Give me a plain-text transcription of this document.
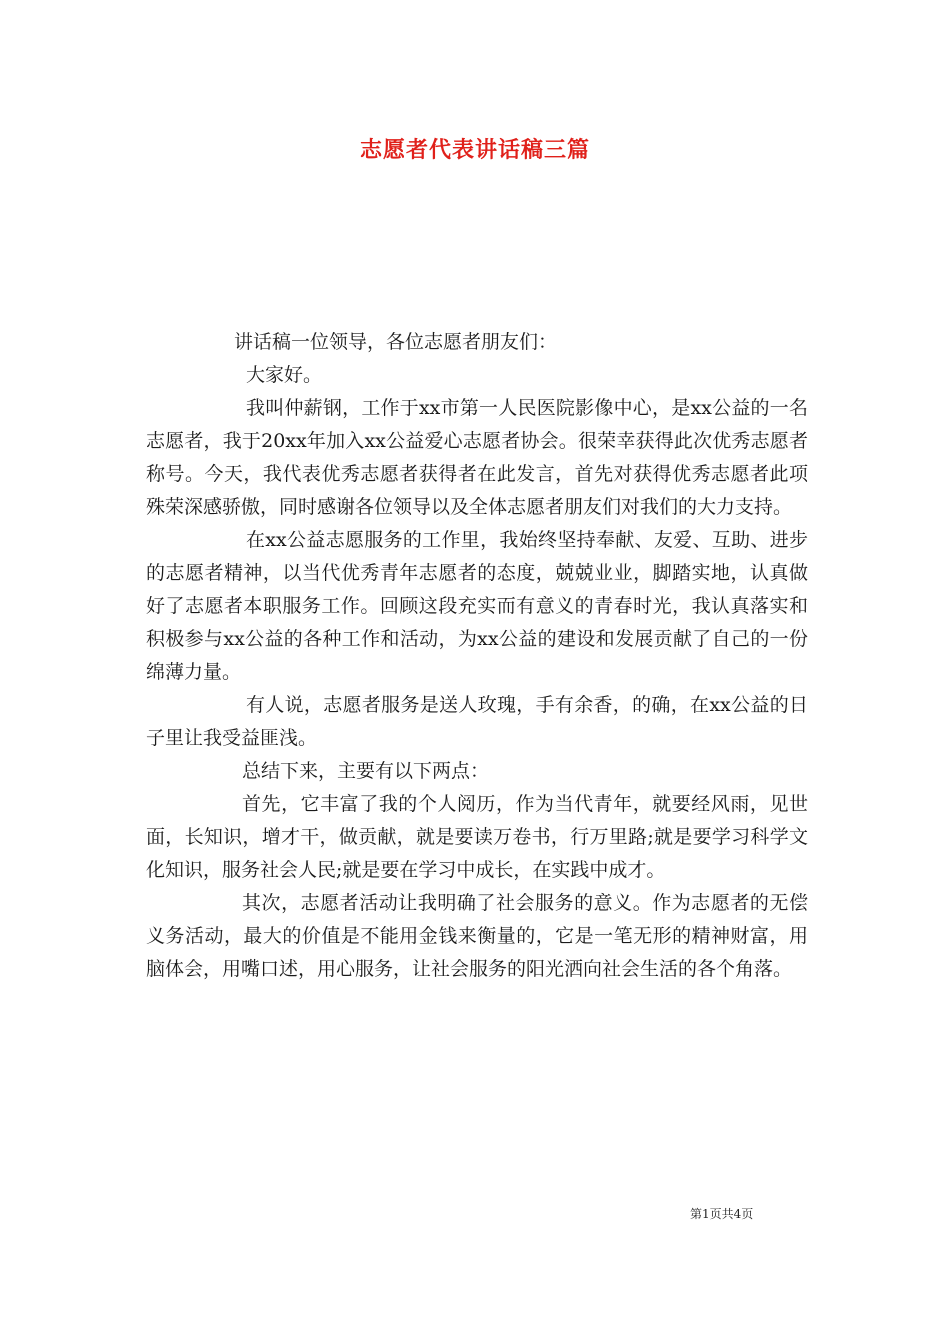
志愿者代表讲话稿三篇

讲话稿一位领导，各位志愿者朋友们：

大家好。

我叫仲薪钢，工作于xx市第一人民医院影像中心，是xx公益的一名志愿者，我于20xx年加入xx公益爱心志愿者协会。很荣幸获得此次优秀志愿者称号。今天，我代表优秀志愿者获得者在此发言，首先对获得优秀志愿者此项殊荣深感骄傲，同时感谢各位领导以及全体志愿者朋友们对我们的大力支持。

在xx公益志愿服务的工作里，我始终坚持奉献、友爱、互助、进步的志愿者精神，以当代优秀青年志愿者的态度，兢兢业业，脚踏实地，认真做好了志愿者本职服务工作。回顾这段充实而有意义的青春时光，我认真落实和积极参与xx公益的各种工作和活动，为xx公益的建设和发展贡献了自己的一份绵薄力量。

有人说，志愿者服务是送人玫瑰，手有余香，的确，在xx公益的日子里让我受益匪浅。

总结下来，主要有以下两点：

首先，它丰富了我的个人阅历，作为当代青年，就要经风雨，见世面，长知识，增才干，做贡献，就是要读万卷书，行万里路;就是要学习科学文化知识，服务社会人民;就是要在学习中成长，在实践中成才。

其次，志愿者活动让我明确了社会服务的意义。作为志愿者的无偿义务活动，最大的价值是不能用金钱来衡量的，它是一笔无形的精神财富，用脑体会，用嘴口述，用心服务，让社会服务的阳光洒向社会生活的各个角落。

第1页共4页
